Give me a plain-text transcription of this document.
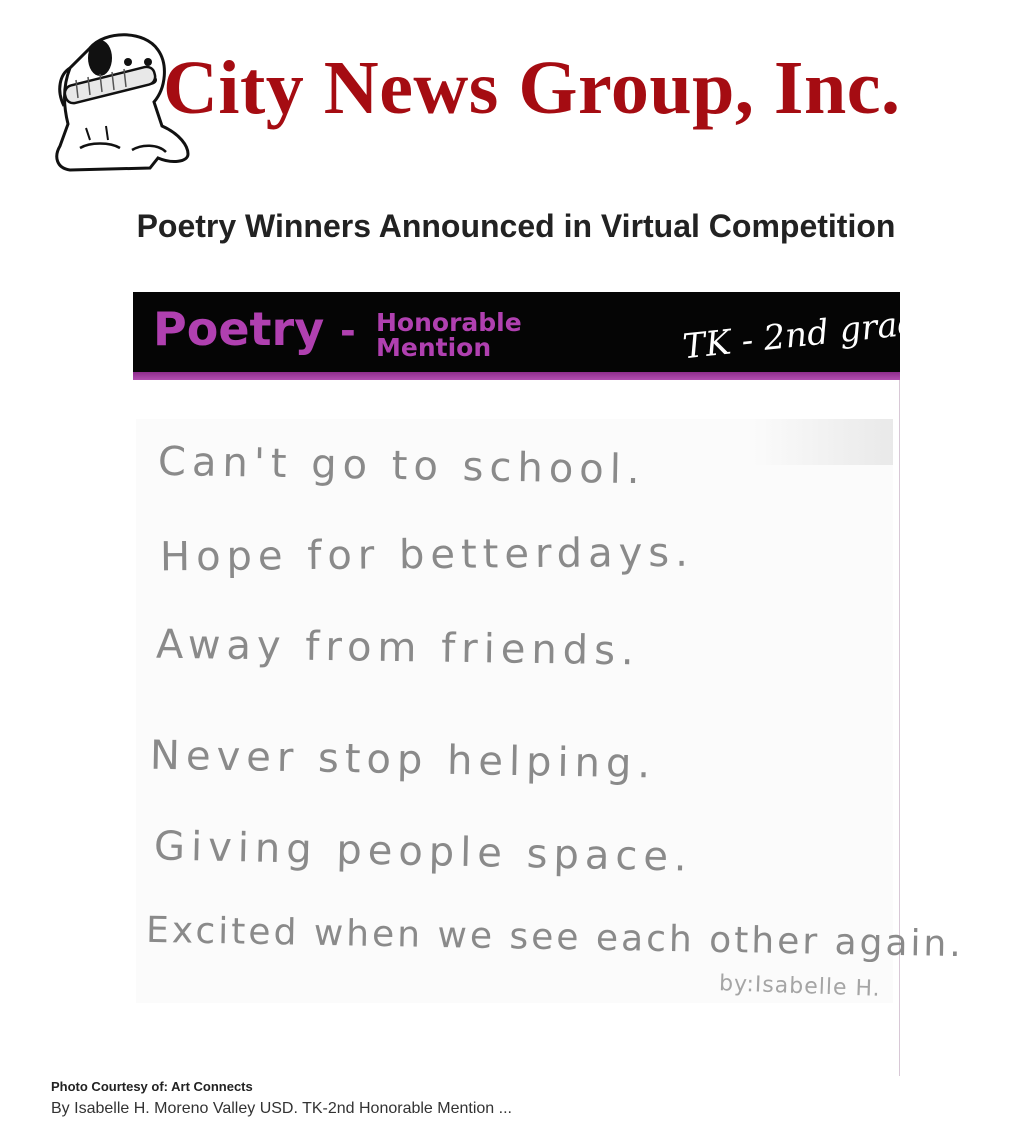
City News Group, Inc.
Poetry Winners Announced in Virtual Competition
Poetry - Honorable
Mention	TK - 2nd grade
Can't go to school.
Hope for betterdays.
Away from friends.
Never stop helping.
Giving people space.
Excited when we see each other again.
by:Isabelle H.
Photo Courtesy of: Art Connects
By Isabelle H. Moreno Valley USD. TK-2nd Honorable Mention ...
